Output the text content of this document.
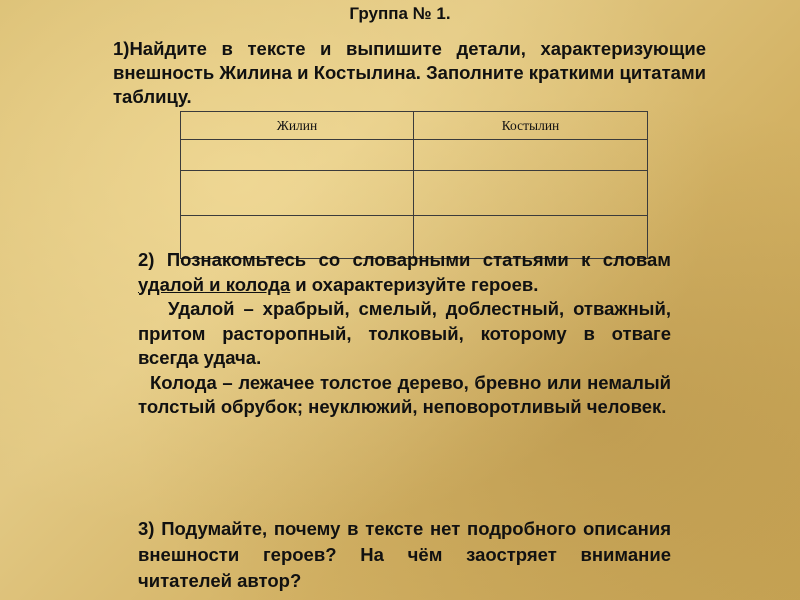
Группа № 1.
1)Найдите в тексте и выпишите детали, характеризующие внешность Жилина и Костылина. Заполните краткими цитатами таблицу.
Жилин	Костылин

2) Познакомьтесь со словарными статьями к словам удалой и колода и охарактеризуйте героев.

Удалой – храбрый, смелый, доблестный, отважный, притом расторопный, толковый, которому в отваге всегда удача.

Колода – лежачее толстое дерево, бревно или немалый толстый обрубок; неуклюжий, неповоротливый человек.

3) Подумайте, почему в тексте нет подробного описания внешности героев? На чём заостряет внимание читателей автор?
